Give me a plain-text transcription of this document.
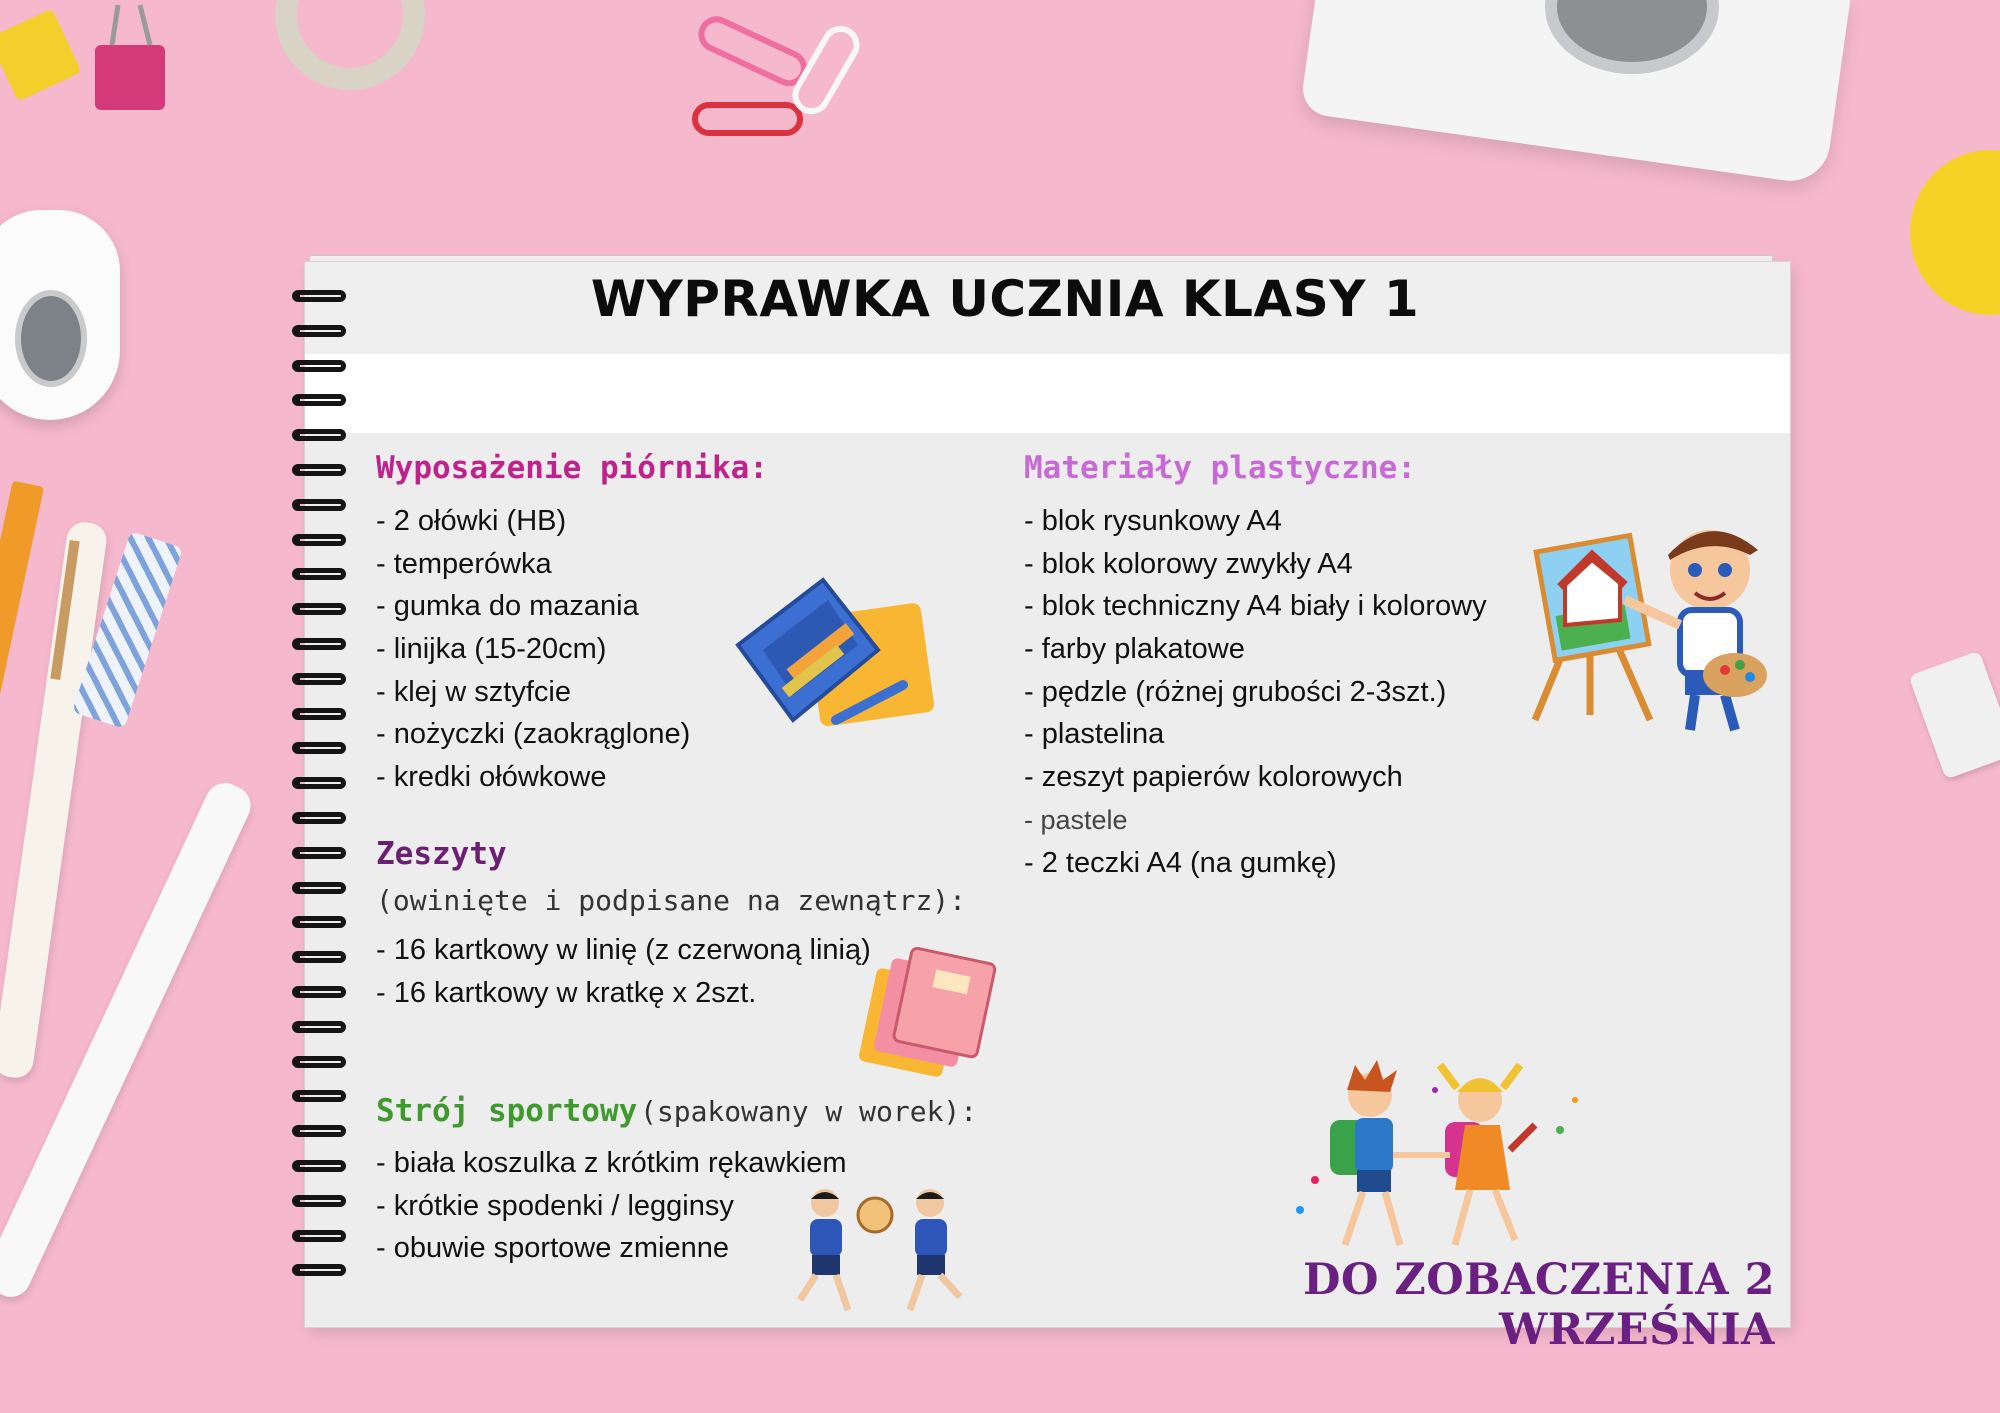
WYPRAWKA UCZNIA KLASY 1
Wyposażenie piórnika:
- 2 ołówki (HB)
- temperówka
- gumka do mazania
- linijka (15-20cm)
- klej w sztyfcie
- nożyczki (zaokrąglone)
- kredki ołówkowe
Zeszyty
(owinięte i podpisane na zewnątrz):
- 16 kartkowy w linię (z czerwoną linią)
- 16 kartkowy w kratkę x 2szt.
Strój sportowy (spakowany w worek):
- biała koszulka z krótkim rękawkiem
- krótkie spodenki / legginsy
- obuwie sportowe zmienne
Materiały plastyczne:
- blok rysunkowy A4
- blok kolorowy zwykły A4
- blok techniczny A4 biały i kolorowy
- farby plakatowe
- pędzle (różnej grubości 2-3szt.)
- plastelina
- zeszyt papierów kolorowych
- pastele
- 2 teczki A4 (na gumkę)
DO ZOBACZENIA 2 WRZEŚNIA
